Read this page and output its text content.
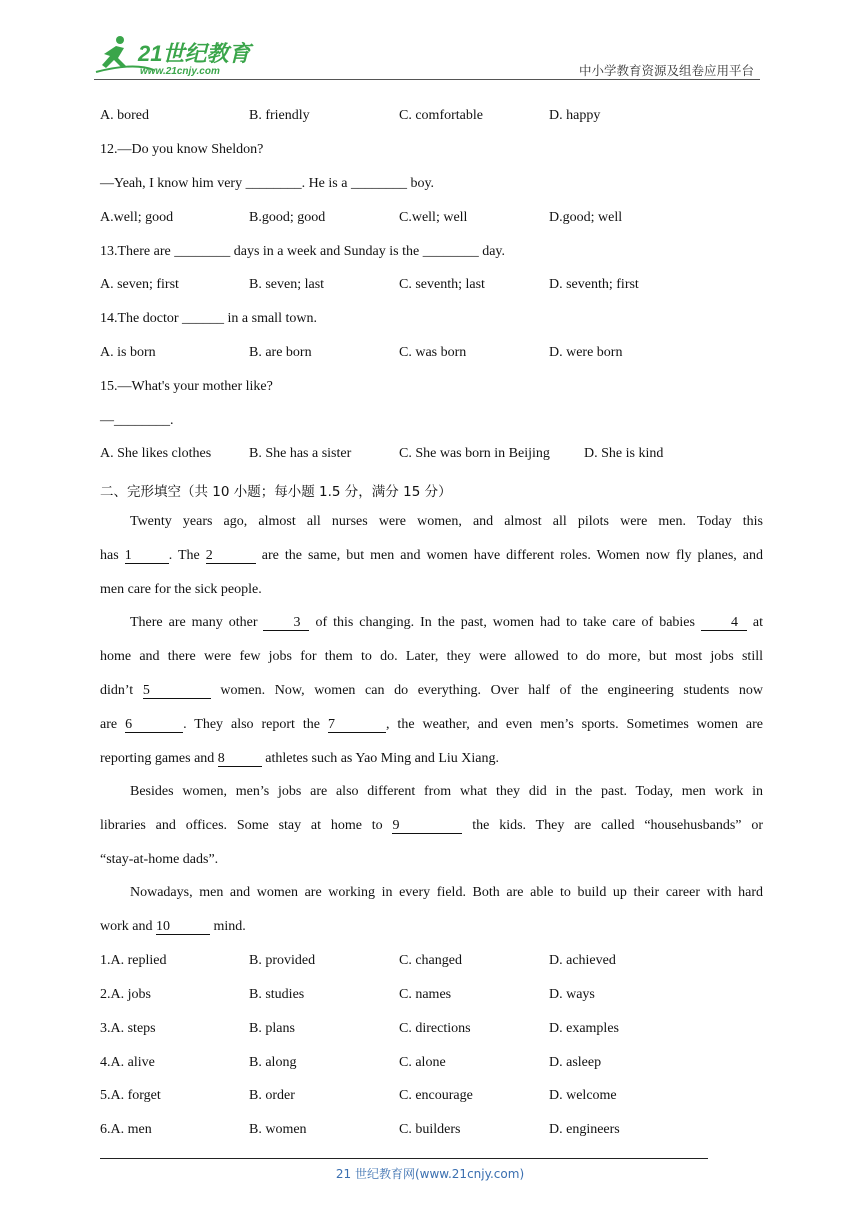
21世纪教育
www.21cnjy.com	中小学教育资源及组卷应用平台
A. bored	B. friendly	C. comfortable	D. happy
12.—Do you know Sheldon?
—Yeah, I know him very ________. He is a ________ boy.
A.well; good	B.good; good	C.well; well	D.good; well
13.There are ________ days in a week and Sunday is the ________ day.
A. seven; first	B. seven; last	C. seventh; last	D. seventh; first
14.The doctor ______ in a small town.
A. is born	B. are born	C. was born	D. were born
15.—What's your mother like?
—________.
A. She likes clothes	B. She has a sister	C. She was born in Beijing D. She is kind
二、完形填空（共 10 小题；每小题 1.5 分，满分 15 分）
Twenty years ago, almost all nurses were women, and almost all pilots were men. Today this
has 1	. The 2	are the same, but men and women have different roles. Women now fly planes, and
men care for the sick people.
There are many other 3 of this changing. In the past, women had to take care of babies 4 at
home and there were few jobs for them to do. Later, they were allowed to do more, but most jobs still
didn’t 5	women. Now, women can do everything. Over half of the engineering students now
are 6	. They also report the 7	, the weather, and even men’s sports. Sometimes women are
reporting games and 8	athletes such as Yao Ming and Liu Xiang.
Besides women, men’s jobs are also different from what they did in the past. Today, men work in
libraries and offices. Some stay at home to 9	the kids. They are called “househusbands” or
“stay-at-home dads”.
Nowadays, men and women are working in every field. Both are able to build up their career with hard
work and 10	mind.
1.A. replied	B. provided	C. changed	D. achieved
2.A. jobs	B. studies	C. names	D. ways
3.A. steps	B. plans	C. directions	D. examples
4.A. alive	B. along	C. alone	D. asleep
5.A. forget	B. order	C. encourage	D. welcome
6.A. men	B. women	C. builders	D. engineers
21 世纪教育网(www.21cnjy.com)
